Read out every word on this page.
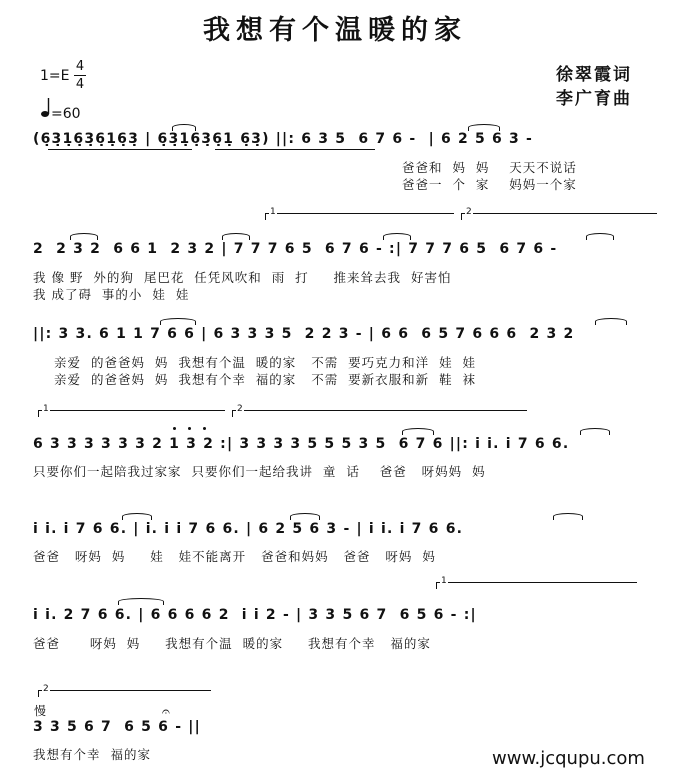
我想有个温暖的家
徐翠霞词
李广育曲
1=E
4
4
=60
(6̣3̣1̣6̣3̣6̣1̣6̣3̣ | 6̣3̣1̣6̣3̣6̣1̣ 6̣3̣) ||: 6 3 5  6 7 6 -  | 6 2 5 6 3 -
爸爸和  妈  妈    天天不说话
爸爸一  个  家    妈妈一个家
1	2
2  2 3 2  6 6 1  2 3 2 | 7 7 7 6 5  6 7 6 - :| 7 7 7 6 5  6 7 6 -
我 像 野  外的狗  尾巴花  任凭风吹和  雨  打     推来耸去我  好害怕
我 成了碍  事的小  娃  娃
||: 3 3. 6 1 1 7 6 6 | 6 3 3 3 5  2 2 3 - | 6 6  6 5 7 6 6 6  2 3 2
亲爱  的爸爸妈  妈  我想有个温  暖的家   不需  要巧克力和洋  娃  娃
亲爱  的爸爸妈  妈  我想有个幸  福的家   不需  要新衣服和新  鞋  袜
1	2
6 3 3 3 3 3 3 2 1 3 2 :| 3 3 3 3 5 5 5 3 5  6 7 6 ||: i i. i 7 6 6.
只要你们一起陪我过家家  只要你们一起给我讲  童  话    爸爸   呀妈妈  妈
i i. i 7 6 6. | i. i i 7 6 6. | 6 2 5 6 3 - | i i. i 7 6 6.
爸爸   呀妈  妈     娃   娃不能离开   爸爸和妈妈   爸爸   呀妈  妈
1
i i. 2 7 6 6. | 6 6 6 6 2  i i 2 - | 3 3 5 6 7  6 5 6 - :|
爸爸      呀妈  妈     我想有个温  暖的家     我想有个幸   福的家
2
慢
3 3 5 6 7  6 5 6 - ||
𝄐
我想有个幸  福的家	www.jcqupu.com
